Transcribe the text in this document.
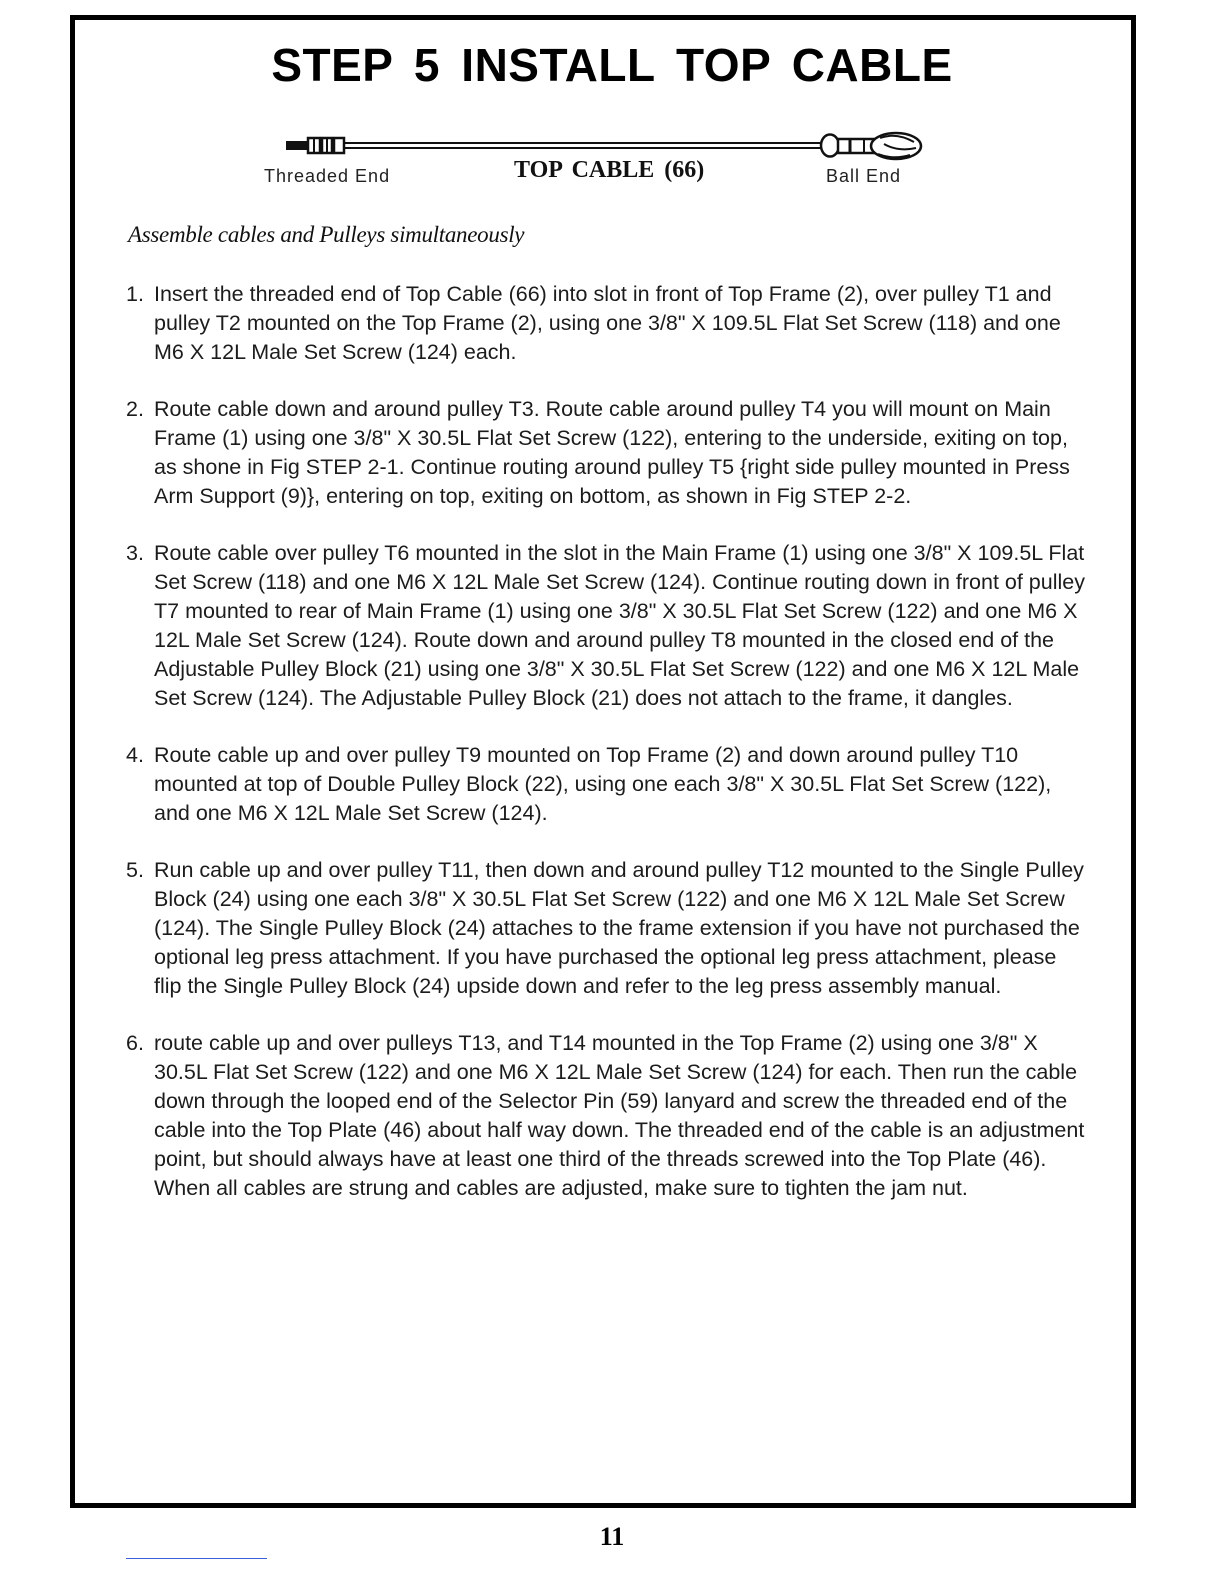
STEP 5 INSTALL TOP CABLE
Threaded End	TOP CABLE (66)	Ball End
Assemble cables and Pulleys simultaneously
1. Insert the threaded end of Top Cable (66) into slot in front of Top Frame (2), over pulley T1 and pulley T2 mounted on the Top Frame (2), using one 3/8" X 109.5L Flat Set Screw (118) and one M6 X 12L Male Set Screw (124) each.
2. Route cable down and around pulley T3. Route cable around pulley T4 you will mount on Main Frame (1) using one 3/8" X 30.5L Flat Set Screw (122), entering to the underside, exiting on top, as shone in Fig STEP 2-1. Continue routing around pulley T5 {right side pulley mounted in Press Arm Support (9)}, entering on top, exiting on bottom, as shown in Fig STEP 2-2.
3. Route cable over pulley T6 mounted in the slot in the Main Frame (1) using one 3/8" X 109.5L Flat Set Screw (118) and one M6 X 12L Male Set Screw (124). Continue routing down in front of pulley T7 mounted to rear of Main Frame (1) using one 3/8" X 30.5L Flat Set Screw (122) and one M6 X 12L Male Set Screw (124). Route down and around pulley T8 mounted in the closed end of the Adjustable Pulley Block (21) using one 3/8" X 30.5L Flat Set Screw (122) and one M6 X 12L Male Set Screw (124). The Adjustable Pulley Block (21) does not attach to the frame, it dangles.
4. Route cable up and over pulley T9 mounted on Top Frame (2) and down around pulley T10 mounted at top of Double Pulley Block (22), using one each 3/8" X 30.5L Flat Set Screw (122), and one M6 X 12L Male Set Screw (124).
5. Run cable up and over pulley T11, then down and around pulley T12 mounted to the Single Pulley Block (24) using one each 3/8" X 30.5L Flat Set Screw (122) and one M6 X 12L Male Set Screw (124). The Single Pulley Block (24) attaches to the frame extension if you have not purchased the optional leg press attachment. If you have purchased the optional leg press attachment, please flip the Single Pulley Block (24) upside down and refer to the leg press assembly manual.
6. route cable up and over pulleys T13, and T14 mounted in the Top Frame (2) using one 3/8" X 30.5L Flat Set Screw (122) and one M6 X 12L Male Set Screw (124) for each. Then run the cable down through the looped end of the Selector Pin (59) lanyard and screw the threaded end of the cable into the Top Plate (46) about half way down. The threaded end of the cable is an adjustment point, but should always have at least one third of the threads screwed into the Top Plate (46). When all cables are strung and cables are adjusted, make sure to tighten the jam nut.
11
